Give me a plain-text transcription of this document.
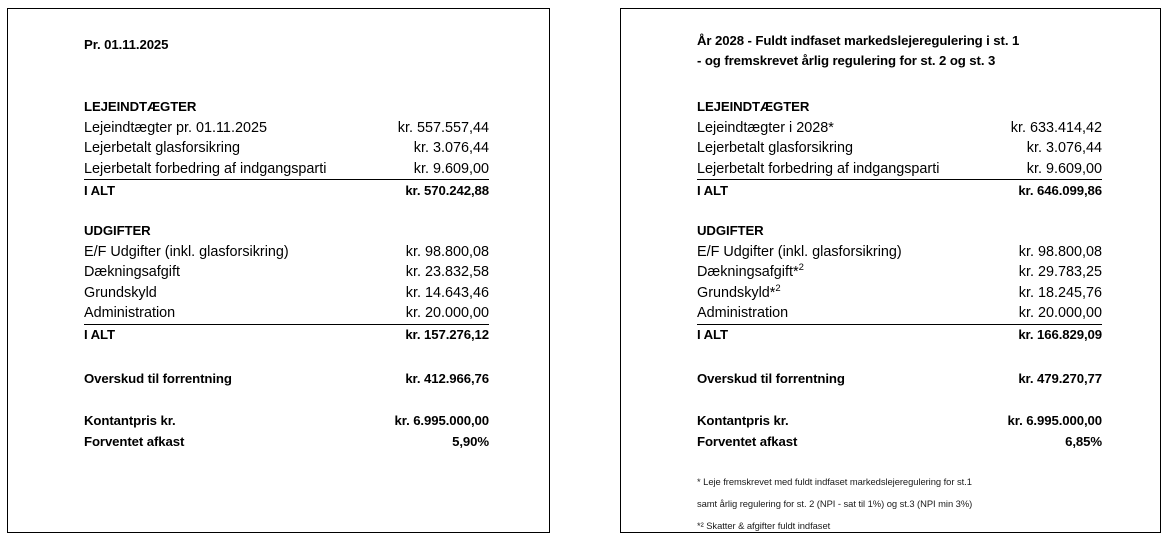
Pr. 01.11.2025
LEJEINDTÆGTER
Lejeindtægter pr. 01.11.2025	kr. 557.557,44
Lejerbetalt glasforsikring	kr. 3.076,44
Lejerbetalt forbedring af indgangsparti	kr. 9.609,00
I ALT	kr. 570.242,88
UDGIFTER
E/F Udgifter (inkl. glasforsikring)	kr. 98.800,08
Dækningsafgift	kr. 23.832,58
Grundskyld	kr. 14.643,46
Administration	kr. 20.000,00
I ALT	kr. 157.276,12
Overskud til forrentning	kr. 412.966,76
Kontantpris kr.	kr. 6.995.000,00
Forventet afkast	5,90%
År 2028 - Fuldt indfaset markedslejeregulering i st. 1
- og fremskrevet årlig regulering for st. 2 og st. 3
LEJEINDTÆGTER
Lejeindtægter i 2028*	kr. 633.414,42
Lejerbetalt glasforsikring	kr. 3.076,44
Lejerbetalt forbedring af indgangsparti	kr. 9.609,00
I ALT	kr. 646.099,86
UDGIFTER
E/F Udgifter (inkl. glasforsikring)	kr. 98.800,08
Dækningsafgift*$^2$	kr. 29.783,25
Grundskyld*$^2$	kr. 18.245,76
Administration	kr. 20.000,00
I ALT	kr. 166.829,09
Overskud til forrentning	kr. 479.270,77
Kontantpris kr.	kr. 6.995.000,00
Forventet afkast	6,85%
* Leje fremskrevet med fuldt indfaset markedslejeregulering for st.1
samt årlig regulering for st. 2 (NPI - sat til 1%) og st.3 (NPI min 3%)
*² Skatter & afgifter fuldt indfaset
